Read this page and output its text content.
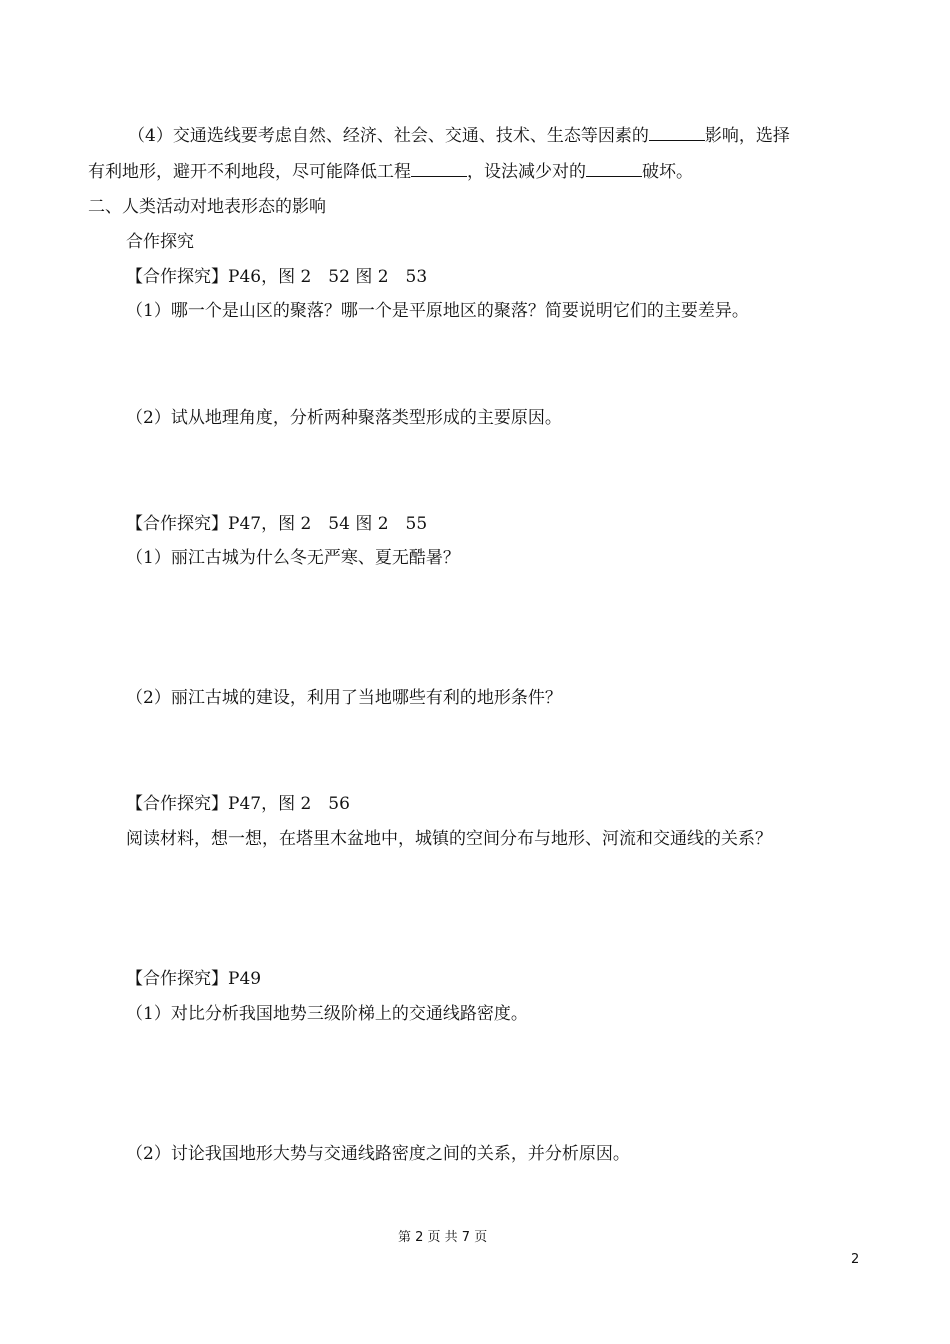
（4）交通选线要考虑自然、经济、社会、交通、技术、生态等因素的	影响，选择
有利地形，避开不利地段，尽可能降低工程	，设法减少对的	破坏。
二、人类活动对地表形态的影响
合作探究
【合作探究】P46，图 2　52 图 2　53
（1）哪一个是山区的聚落？哪一个是平原地区的聚落？简要说明它们的主要差异。
（2）试从地理角度，分析两种聚落类型形成的主要原因。
【合作探究】P47，图 2　54 图 2　55
（1）丽江古城为什么冬无严寒、夏无酷暑？
（2）丽江古城的建设，利用了当地哪些有利的地形条件？
【合作探究】P47，图 2　56
阅读材料，想一想，在塔里木盆地中，城镇的空间分布与地形、河流和交通线的关系？
【合作探究】P49
（1）对比分析我国地势三级阶梯上的交通线路密度。
（2）讨论我国地形大势与交通线路密度之间的关系，并分析原因。
第 2 页 共 7 页
2
